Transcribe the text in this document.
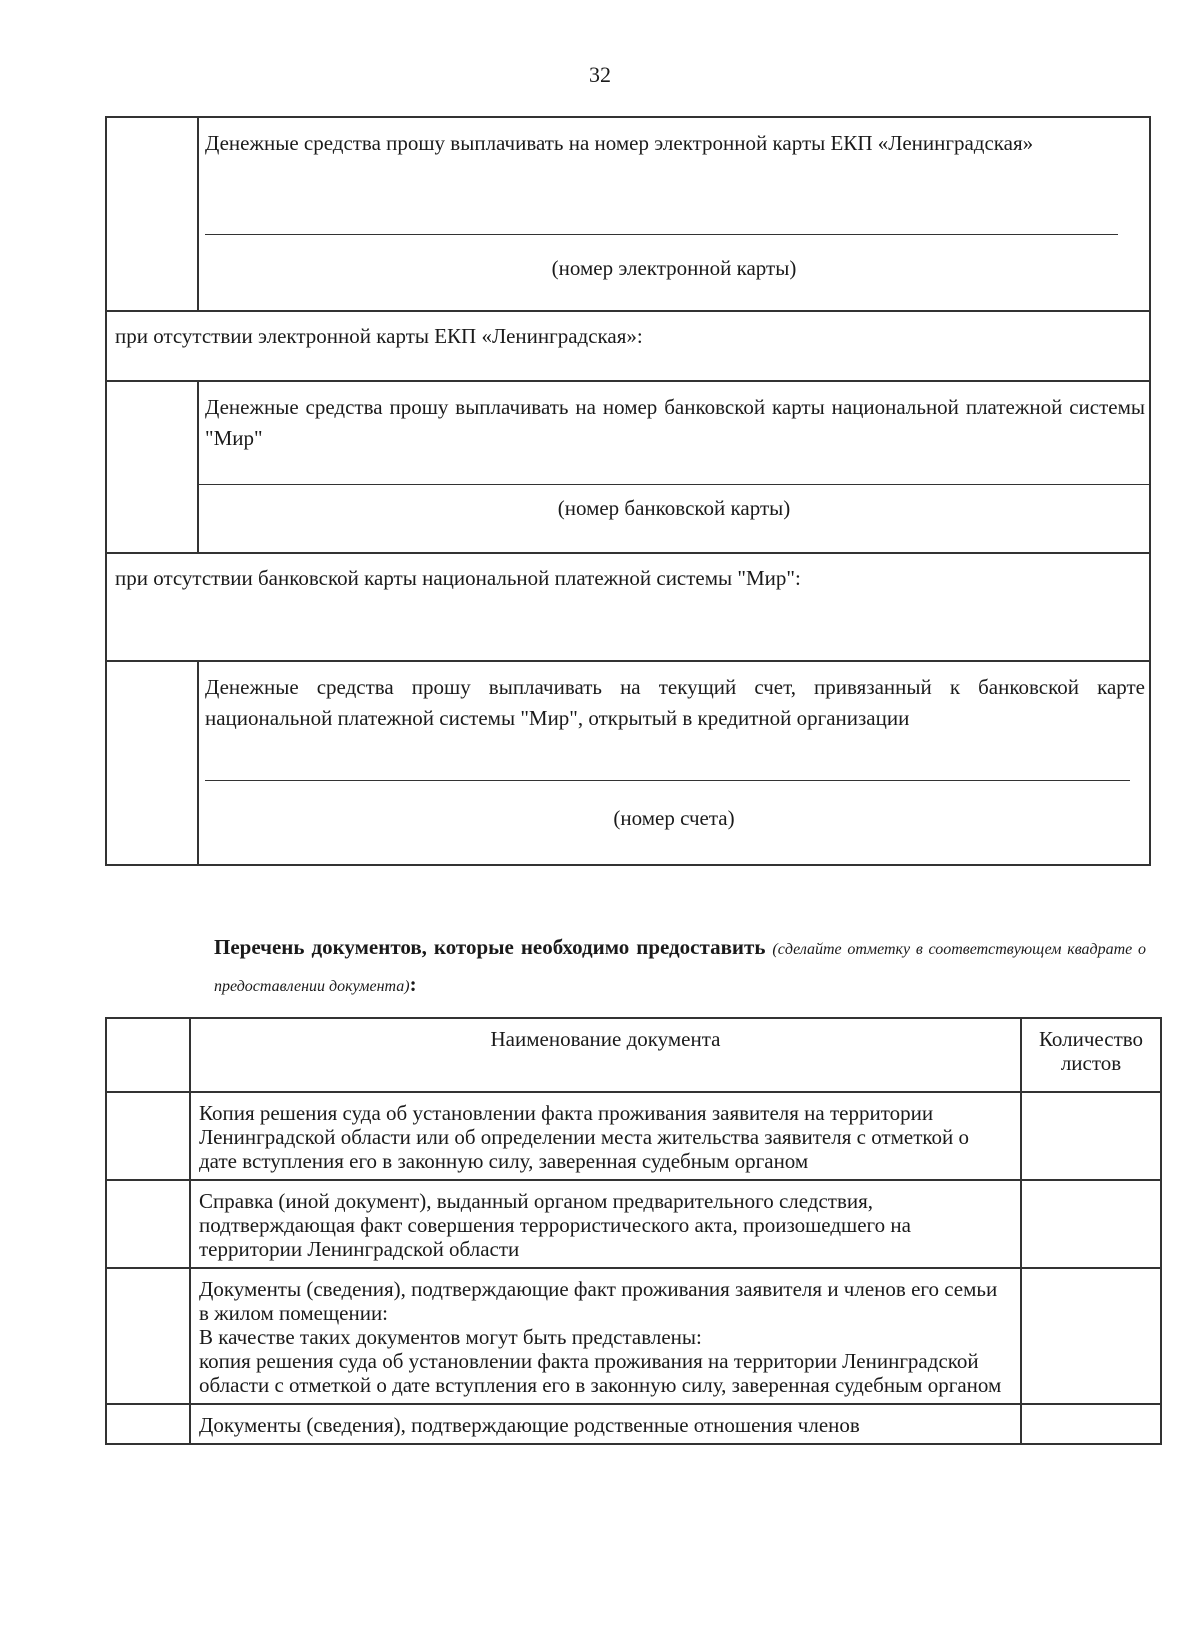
32
Денежные средства прошу выплачивать на номер электронной карты ЕКП «Ленинградская»
(номер электронной карты)
при отсутствии электронной карты ЕКП «Ленинградская»:
Денежные средства прошу выплачивать на номер банковской карты национальной платежной системы "Мир"
(номер банковской карты)
при отсутствии банковской карты национальной платежной системы "Мир":
Денежные средства прошу выплачивать на текущий счет, привязанный к банковской карте национальной платежной системы "Мир", открытый в кредитной организации
(номер счета)
Перечень документов, которые необходимо предоставить (сделайте отметку в соответствующем квадрате о предоставлении документа):
	Наименование документа	Количество листов
	Копия решения суда об установлении факта проживания заявителя на территории Ленинградской области или об определении места жительства заявителя с отметкой о дате вступления его в законную силу, заверенная судебным органом	
	Справка (иной документ), выданный органом предварительного следствия, подтверждающая факт совершения террористического акта, произошедшего на территории Ленинградской области	
	Документы (сведения), подтверждающие факт проживания заявителя и членов его семьи в жилом помещении:
В качестве таких документов могут быть представлены:
копия решения суда об установлении факта проживания на территории Ленинградской области с отметкой о дате вступления его в законную силу, заверенная судебным органом	
	Документы (сведения), подтверждающие родственные отношения членов	
